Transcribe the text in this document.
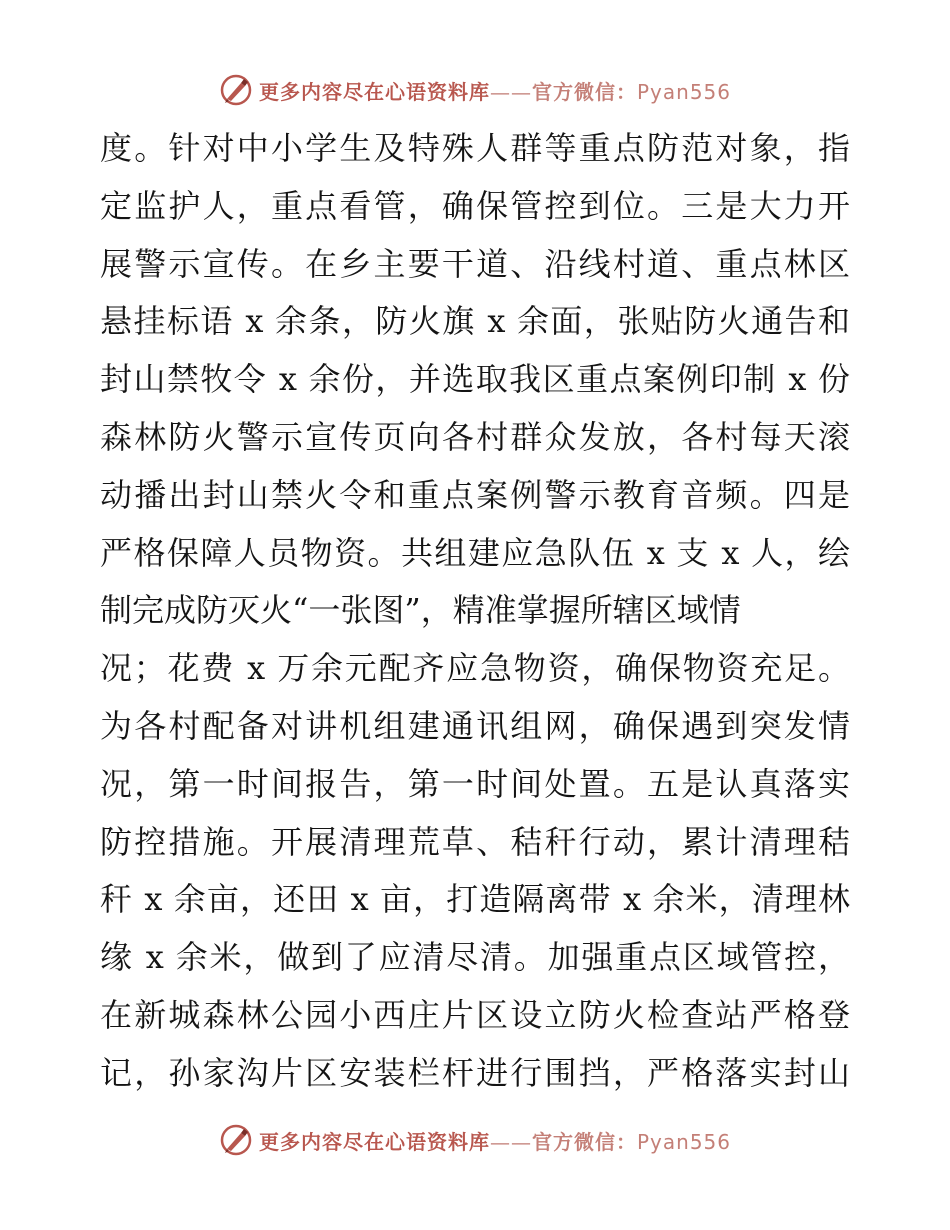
更多内容尽在心语资料库——官方微信：Pyan556
度。针对中小学生及特殊人群等重点防范对象，指
定监护人，重点看管，确保管控到位。三是大力开
展警示宣传。在乡主要干道、沿线村道、重点林区
悬挂标语 x 余条，防火旗 x 余面，张贴防火通告和
封山禁牧令 x 余份，并选取我区重点案例印制 x 份
森林防火警示宣传页向各村群众发放，各村每天滚
动播出封山禁火令和重点案例警示教育音频。四是
严格保障人员物资。共组建应急队伍 x 支 x 人，绘
制完成防灭火“一张图”，精准掌握所辖区域情
况；花费 x 万余元配齐应急物资，确保物资充足。
为各村配备对讲机组建通讯组网，确保遇到突发情
况，第一时间报告，第一时间处置。五是认真落实
防控措施。开展清理荒草、秸秆行动，累计清理秸
秆 x 余亩，还田 x 亩，打造隔离带 x 余米，清理林
缘 x 余米，做到了应清尽清。加强重点区域管控，
在新城森林公园小西庄片区设立防火检查站严格登
记，孙家沟片区安装栏杆进行围挡，严格落实封山
更多内容尽在心语资料库——官方微信：Pyan556
